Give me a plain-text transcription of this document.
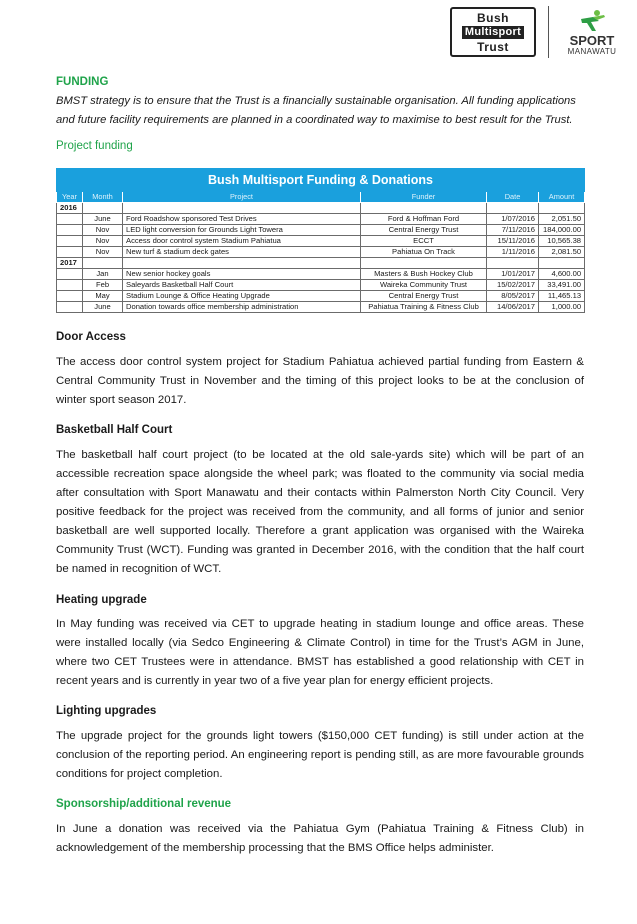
Bush
Multisport
Trust	SPORT
MANAWATU

FUNDING

BMST strategy is to ensure that the Trust is a financially sustainable organisation. All funding applications and future facility requirements are planned in a coordinated way to maximise to best result for the Trust.

Project funding

Bush Multisport Funding & Donations					
Year	Month	Project	Funder	Date	Amount
2016					
	June	Ford Roadshow sponsored Test Drives	Ford & Hoffman Ford	1/07/2016	2,051.50
	Nov	LED light conversion for Grounds Light Towera	Central Energy Trust	7/11/2016	184,000.00
	Nov	Access door control system Stadium Pahiatua	ECCT	15/11/2016	10,565.38
	Nov	New turf & stadium deck gates	Pahiatua On Track	1/11/2016	2,081.50
2017					
	Jan	New senior hockey goals	Masters & Bush Hockey Club	1/01/2017	4,600.00
	Feb	Saleyards Basketball Half Court	Waireka Community Trust	15/02/2017	33,491.00
	May	Stadium Lounge & Office Heating Upgrade	Central Energy Trust	8/05/2017	11,465.13
	June	Donation towards office membership administration	Pahiatua Training & Fitness Club	14/06/2017	1,000.00

Door Access

The access door control system project for Stadium Pahiatua achieved partial funding from Eastern & Central Community Trust in November and the timing of this project looks to be at the conclusion of winter sport season 2017.

Basketball Half Court

The basketball half court project (to be located at the old sale-yards site) which will be part of an accessible recreation space alongside the wheel park; was floated to the community via social media after consultation with Sport Manawatu and their contacts within Palmerston North City Council. Very positive feedback for the project was received from the community, and all forms of junior and senior basketball are well supported locally. Therefore a grant application was organised with the Waireka Community Trust (WCT). Funding was granted in December 2016, with the condition that the half court be named in recognition of WCT.

Heating upgrade

In May funding was received via CET to upgrade heating in stadium lounge and office areas. These were installed locally (via Sedco Engineering & Climate Control) in time for the Trust’s AGM in June, where two CET Trustees were in attendance. BMST has established a good relationship with CET in recent years and is currently in year two of a five year plan for energy efficient projects.

Lighting upgrades

The upgrade project for the grounds light towers ($150,000 CET funding) is still under action at the conclusion of the reporting period. An engineering report is pending still, as are more favourable grounds conditions for project completion.

Sponsorship/additional revenue

In June a donation was received via the Pahiatua Gym (Pahiatua Training & Fitness Club) in acknowledgement of the membership processing that the BMS Office helps administer.
